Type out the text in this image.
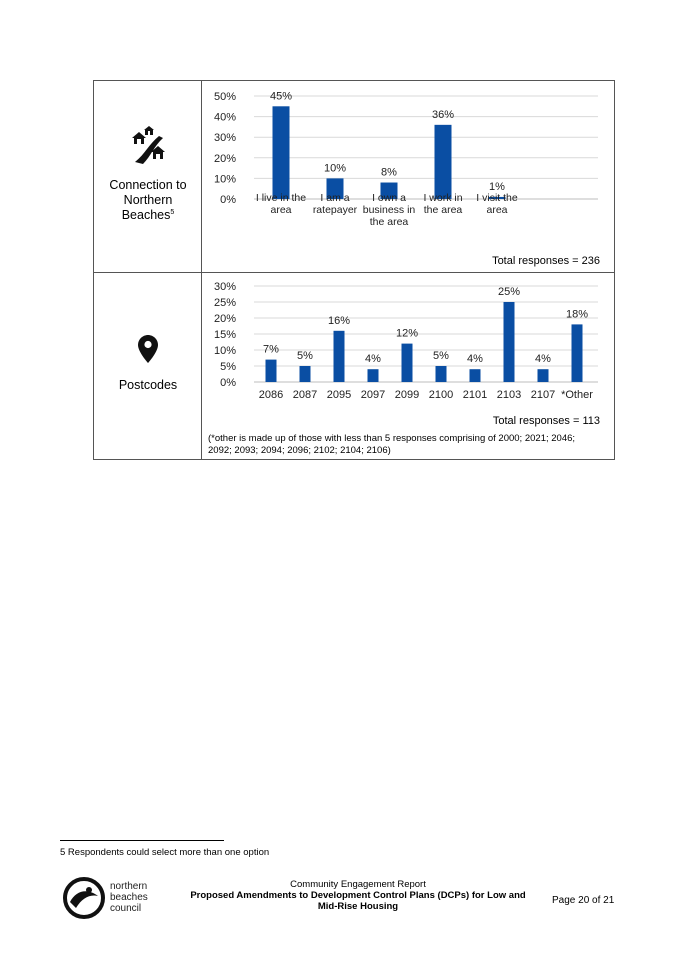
Connection to
Northern
Beaches$^5$
0%
10%
20%
30%
40%
50%	45%
I live in the
area
10%
I am a
ratepayer
8%
I own a
business in
the area
36%
I work in
the area
1%
I visit the
area
Total responses = 236
Postcodes	0%
5%
10%
15%
20%
25%
30%
7%
2086
5%
2087
16%
2095
4%
2097
12%
2099
5%
2100
4%
2101
25%
2103
4%
2107
18%
*Other
Total responses = 113
(*other is made up of those with less than 5 responses comprising of 2000; 2021; 2046; 2092; 2093; 2094; 2096; 2102; 2104; 2106)
5 Respondents could select more than one option
northern
beaches
council
Community Engagement Report
Proposed Amendments to Development Control Plans (DCPs) for Low and
Mid-Rise Housing
Page 20 of 21
